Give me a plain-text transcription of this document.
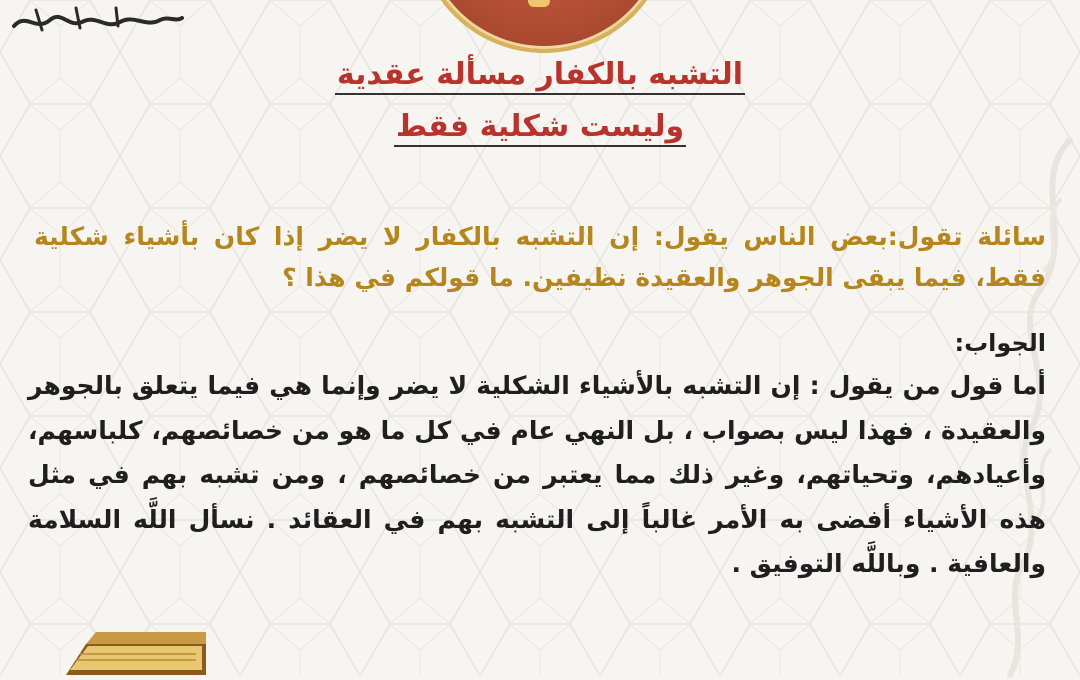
التشبه بالكفار مسألة عقدية
وليست شكلية فقط
سائلة تقول:بعض الناس يقول: إن التشبه بالكفار لا يضر إذا كان بأشياء شكلية فقط، فيما يبقى الجوهر والعقيدة نظيفين. ما قولكم في هذا ؟
الجواب:
أما قول من يقول : إن التشبه بالأشياء الشكلية لا يضر وإنما هي فيما يتعلق بالجوهر والعقيدة ، فهذا ليس بصواب ، بل النهي عام في كل ما هو من خصائصهم، كلباسهم، وأعيادهم، وتحياتهم، وغير ذلك مما يعتبر من خصائصهم ، ومن تشبه بهم في مثل هذه الأشياء أفضى به الأمر غالباً إلى التشبه بهم في العقائد . نسأل اللَّه السلامة والعافية . وباللَّه التوفيق .
